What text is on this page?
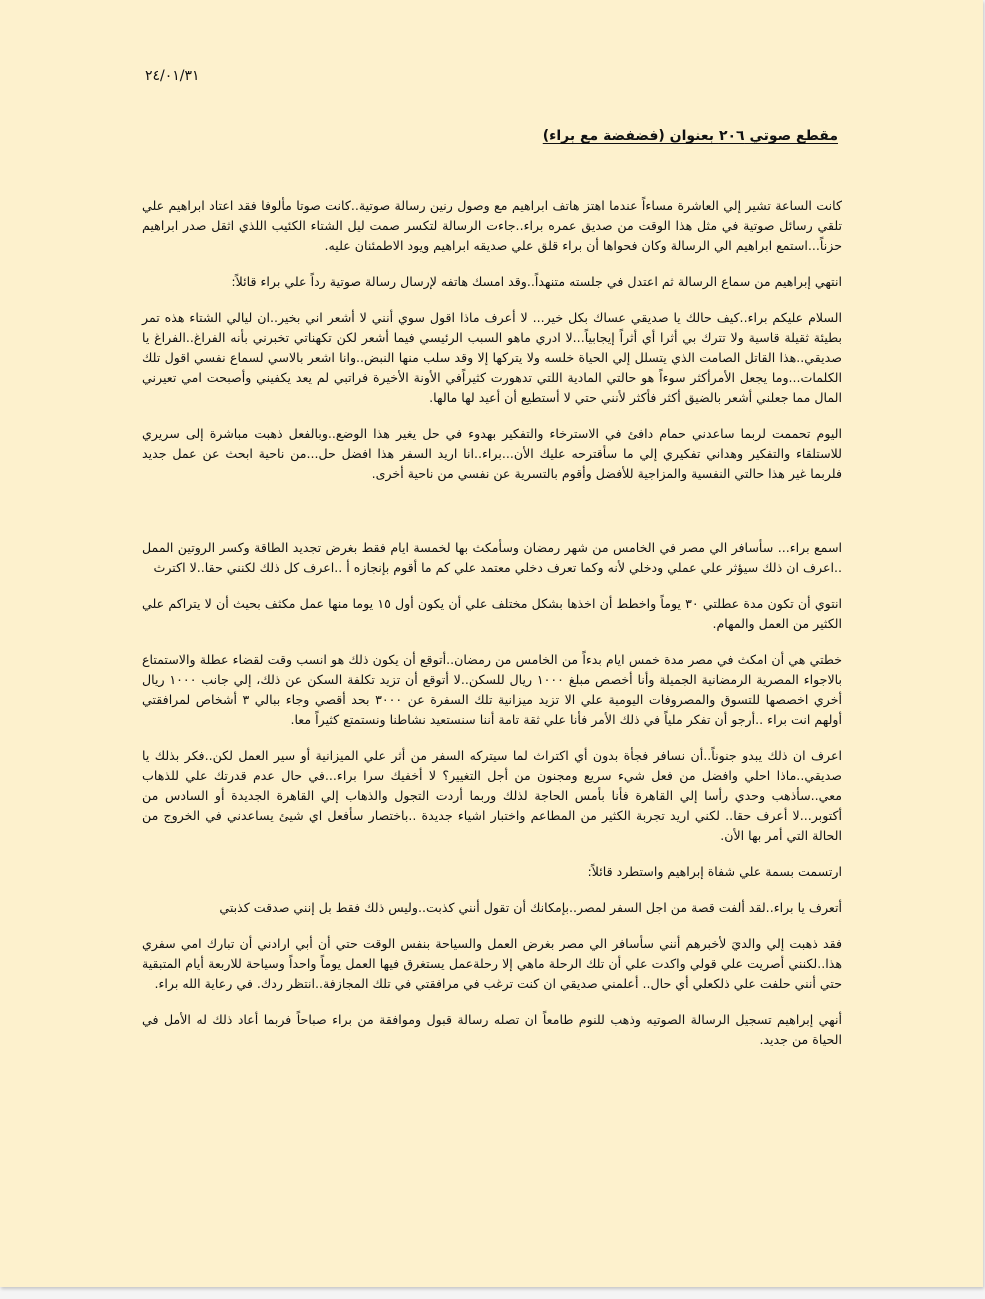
٢٤/٠١/٣١
مقطع صوتي ٢٠٦ بعنوان (فضفضة مع براء)

كانت الساعة تشير إلي العاشرة مساءاً عندما اهتز هاتف ابراهيم مع وصول رنين رسالة صوتية..كانت صوتا مألوفا فقد اعتاد ابراهيم علي تلقي رسائل صوتية في مثل هذا الوقت من صديق عمره براء..جاءت الرسالة لتكسر صمت ليل الشتاء الكئيب اللذي اثقل صدر ابراهيم حزناً...استمع ابراهيم الي الرسالة وكان فحواها أن براء قلق علي صديقه ابراهيم ويود الاطمئنان عليه.

انتهي إبراهيم من سماع الرسالة ثم اعتدل في جلسته متنهداً..وقد امسك هاتفه لإرسال رسالة صوتية رداً علي براء قائلاً:

السلام عليكم براء..كيف حالك يا صديقي عساك بكل خير... لا أعرف ماذا اقول سوي أنني لا أشعر اني بخير..ان ليالي الشتاء هذه تمر بطيئة ثقيلة قاسية ولا تترك بي أثرا أي أثراً إيجابياً...لا ادري ماهو السبب الرئيسي فيما أشعر لكن تكهناتي تخبرني بأنه الفراغ..الفراغ يا صديقي..هذا القاتل الصامت الذي يتسلل إلي الحياة خلسه ولا يتركها إلا وقد سلب منها النبض..وانا اشعر بالاسي لسماع نفسي اقول تلك الكلمات...وما يجعل الأمرأكثر سوءاً هو حالتي المادية اللتي تدهورت كثيراًفي الأونة الأخيرة فراتبي لم يعد يكفيني وأصبحت امي تعيرني المال مما جعلني أشعر بالضيق أكثر فأكثر لأنني حتي لا أستطيع أن أعيد لها مالها.

اليوم تحممت لربما ساعدني حمام دافئ في الاسترخاء والتفكير بهدوء في حل يغير هذا الوضع..وبالفعل ذهبت مباشرة إلى سريري للاستلقاء والتفكير وهداني تفكيري إلي ما سأقترحه عليك الأن...براء..انا اريد السفر هذا افضل حل...من ناحية ابحث عن عمل جديد فلربما غير هذا حالتي النفسية والمزاجية للأفضل وأقوم بالتسرية عن نفسي من ناحية أخرى.

اسمع براء... سأسافر الي مصر في الخامس من شهر رمضان وسأمكث بها لخمسة ايام فقط بغرض تجديد الطاقة وكسر الروتين الممل ..اعرف ان ذلك سيؤثر علي عملي ودخلي لأنه وكما تعرف دخلي معتمد علي كم ما أقوم بإنجازه أ ..اعرف كل ذلك لكنني حقا..لا اكترث

انتوي أن تكون مدة عطلتي ٣٠ يوماً واخطط أن اخذها بشكل مختلف علي أن يكون أول ١٥ يوما منها عمل مكثف بحيث أن لا يتراكم علي الكثير من العمل والمهام.

خطتي هي أن امكث في مصر مدة خمس ايام بدءاً من الخامس من رمضان..أتوقع أن يكون ذلك هو انسب وقت لقضاء عطلة والاستمتاع بالاجواء المصرية الرمضانية الجميلة وأنا أخصص مبلغ ١٠٠٠ ريال للسكن..لا أتوقع أن تزيد تكلفة السكن عن ذلك، إلي جانب ١٠٠٠ ريال أخري اخصصها للتسوق والمصروفات اليومية علي الا تزيد ميزانية تلك السفرة عن ٣٠٠٠ بحد أقصي وجاء ببالي ٣ أشخاص لمرافقتي أولهم انت براء ..أرجو أن تفكر ملياً في ذلك الأمر فأنا علي ثقة تامة أننا سنستعيد نشاطنا ونستمتع كثيراً معا.

اعرف ان ذلك يبدو جنوناً..أن نسافر فجأة بدون أي اكتراث لما سيتركه السفر من أثر علي الميزانية أو سير العمل لكن..فكر بذلك يا صديقي..ماذا احلي وافضل من فعل شيء سريع ومجنون من أجل التغيير؟ لا أخفيك سرا براء...في حال عدم قدرتك علي للذهاب معي..سأذهب وحدي رأسا إلي القاهرة فأنا بأمس الحاجة لذلك وربما أردت التجول والذهاب إلي القاهرة الجديدة أو السادس من أكتوبر...لا أعرف حقا.. لكني اريد تجربة الكثير من المطاعم واختبار اشياء جديدة ..باختصار سأفعل اي شيئ يساعدني في الخروج من الحالة التي أمر بها الأن.

ارتسمت بسمة علي شفاة إبراهيم واستطرد قائلاً:

أتعرف يا براء..لقد ألفت قصة من اجل السفر لمصر..بإمكانك أن تقول أنني كذبت..وليس ذلك فقط بل إنني صدقت كذبتي

فقد ذهبت إلي والديَ لأخبرهم أنني سأسافر الي مصر بغرض العمل والسياحة بنفس الوقت حتي أن أبي ارادني أن تبارك امي سفري هذا..لكنني أصريت علي قولي واكدت علي أن تلك الرحلة ماهي إلا رحلةعمل يستغرق فيها العمل يوماً واحداً وسياحة للاربعة أيام المتبقية حتي أنني حلفت علي ذلكعلي أي حال.. أعلمني صديقي ان كنت ترغب في مرافقتي في تلك المجازفة..انتظر ردك. في رعاية الله براء.

أنهي إبراهيم تسجيل الرسالة الصوتيه وذهب للنوم طامعاً ان تصله رسالة قبول وموافقة من براء صباحاً فربما أعاد ذلك له الأمل في الحياة من جديد.
